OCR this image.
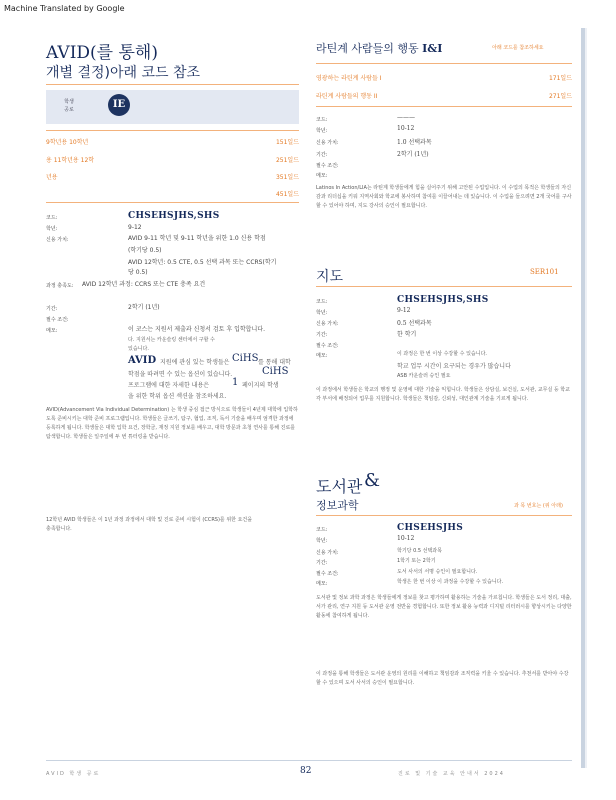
Machine Translated by Google
AVID(를 통해)
개별 결정)아래 코드 참조
학생 공로	IE
9학년용 10학년	151일드
용 11학년용 12학	251일드
년용	351일드
451일드
코드:	CHSEHSJHS,SHS
학년:	9-12
신용 가치:	AVID 9-11 학년 및 9-11 학년을 위한 1.0 신용 학점
(학기당 0.5)
AVID 12학년: 0.5 CTE, 0.5 선택 과목 또는 CCRS(학기
당 0.5)
과정 충족도: AVID 12학년 과정: CCRS 또는 CTE 충족 요건
기간:	2학기 (1년)
필수 조건:
메모:	이 코스는 지원서 제출과 신청서 검토 후 입학합니다.
다. 지원서는 카운슬링 센터에서 구할 수
있습니다.
AVID 지원에 관심 있는 학생들은 CiHS 를 통해 대학
학점을 따려면 수 있는 옵션이 있습니다.	CiHS
프로그램에 대한 자세한 내용은 1 페이지의 학생
을 위한 학위 옵션 섹션을 참조하세요.
AVID(Advancement Via Individual Determination) 는 학생 중심 접근 방식으로 학생들이 4년제 대학에 입학하도록 준비시키는 대학 준비 프로그램입니다. 학생들은 글쓰기, 탐구, 협업, 조직, 독서 기술을 배우며 엄격한 과정에 등록하게 됩니다. 학생들은 대학 입학 요건, 장학금, 재정 지원 정보를 배우고, 대학 방문과 초청 연사를 통해 진로를 탐색합니다. 학생들은 일주일에 두 번 튜터링을 받습니다.
12학년 AVID 학생들은 이 1년 과정 과정에서 대학 및 진로 준비 시험이 (CCRS)를 위한 요건을 충족합니다.
라틴계 사람들의 행동 I&I	아래 코드를 참조하세요
영광하는 라틴계 사람들 I	171일드
라틴계 사람들의 행동 II	271일드
코드:	———
학년:	10-12
신용 가치:	1.0 선택과목
기간:	2학기 (1년)
필수 조건:
메모:
Latinos In Action/LIA는 라틴계 학생들에게 힘을 실어주기 위해 고안된 수업입니다. 이 수업의 목적은 학생들의 자신감과 리더십을 키워 지역사회와 학교에 봉사하며 참여를 이끌어내는 데 있습니다. 이 수업을 들으려면 2개 국어를 구사할 수 있어야 하며, 지도 강사의 승인이 필요합니다.
지도	SER101
코드:	CHSEHSJHS,SHS
학년:	9-12
신용 가치:	0.5 선택과목
기간:	한 학기
필수 조건:
메모:	이 과정은 한 번 이상 수강할 수 있습니다.
학교 업무 시간이 요구되는 경우가 많습니다
ASB 카운슬러 승인 필요
이 과정에서 학생들은 학교의 행정 및 운영에 대한 기술을 익힙니다. 학생들은 상담실, 보건실, 도서관, 교무실 등 학교 각 부서에 배정되어 업무를 지원합니다. 학생들은 책임감, 신뢰성, 대인관계 기술을 기르게 됩니다.
도서관 &
정보과학	과 목 번호는 (위 아래)
코드:	CHSEHSJHS
학년:	10-12
신용 가치:	학기당 0.5 선택과목
기간:	1학기 또는 2학기
필수 조건:	도서 사서의 서명 승인이 필요합니다.
메모:	학생은 한 번 이상 이 과정을 수강할 수 있습니다.
도서관 및 정보 과학 과정은 학생들에게 정보를 찾고 평가하며 활용하는 기술을 가르칩니다. 학생들은 도서 정리, 대출, 서가 관리, 연구 지원 등 도서관 운영 전반을 경험합니다. 또한 정보 활용 능력과 디지털 리터러시를 향상시키는 다양한 활동에 참여하게 됩니다.
이 과정을 통해 학생들은 도서관 운영의 원리를 이해하고 책임감과 조직력을 키울 수 있습니다. 추천서를 받아야 수강할 수 있으며 도서 사서의 승인이 필요합니다.
AVID 학생 공로	82	진로 및 기술 교육 안내서 2024
